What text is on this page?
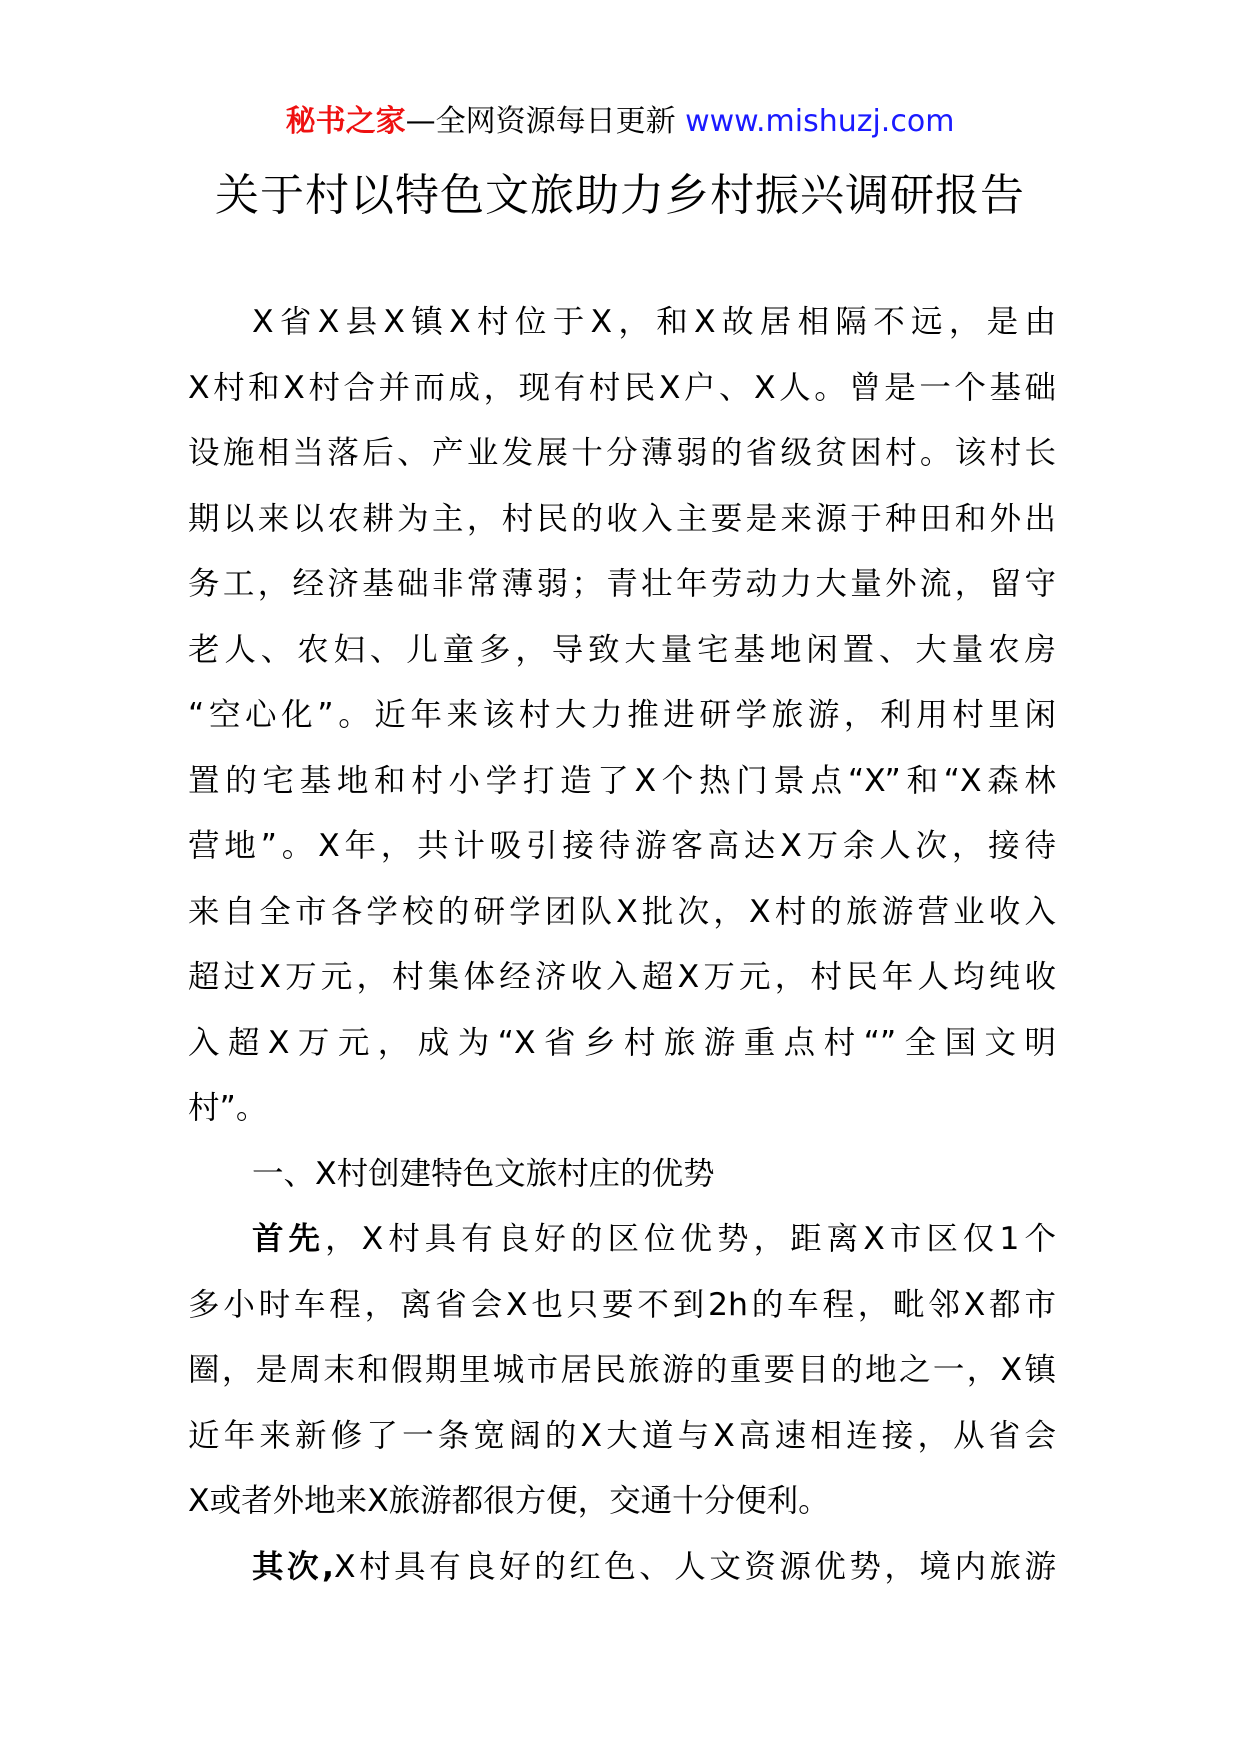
秘书之家—全网资源每日更新 www.mishuzj.com
关于村以特色文旅助力乡村振兴调研报告
X省X县X镇X村位于X，和X故居相隔不远，是由
X村和X村合并而成，现有村民X户、X人。曾是一个基础
设施相当落后、产业发展十分薄弱的省级贫困村。该村长
期以来以农耕为主，村民的收入主要是来源于种田和外出
务工，经济基础非常薄弱；青壮年劳动力大量外流，留守
老人、农妇、儿童多，导致大量宅基地闲置、大量农房
“空心化”。近年来该村大力推进研学旅游，利用村里闲
置的宅基地和村小学打造了X个热门景点“X”和“X森林
营地”。X年，共计吸引接待游客高达X万余人次，接待
来自全市各学校的研学团队X批次，X村的旅游营业收入
超过X万元，村集体经济收入超X万元，村民年人均纯收
入超X万元，成为“X省乡村旅游重点村“”全国文明
村”。
一、X村创建特色文旅村庄的优势
首先，X村具有良好的区位优势，距离X市区仅1个
多小时车程，离省会X也只要不到2h的车程，毗邻X都市
圈，是周末和假期里城市居民旅游的重要目的地之一，X镇
近年来新修了一条宽阔的X大道与X高速相连接，从省会
X或者外地来X旅游都很方便，交通十分便利。
其次,X村具有良好的红色、人文资源优势，境内旅游
